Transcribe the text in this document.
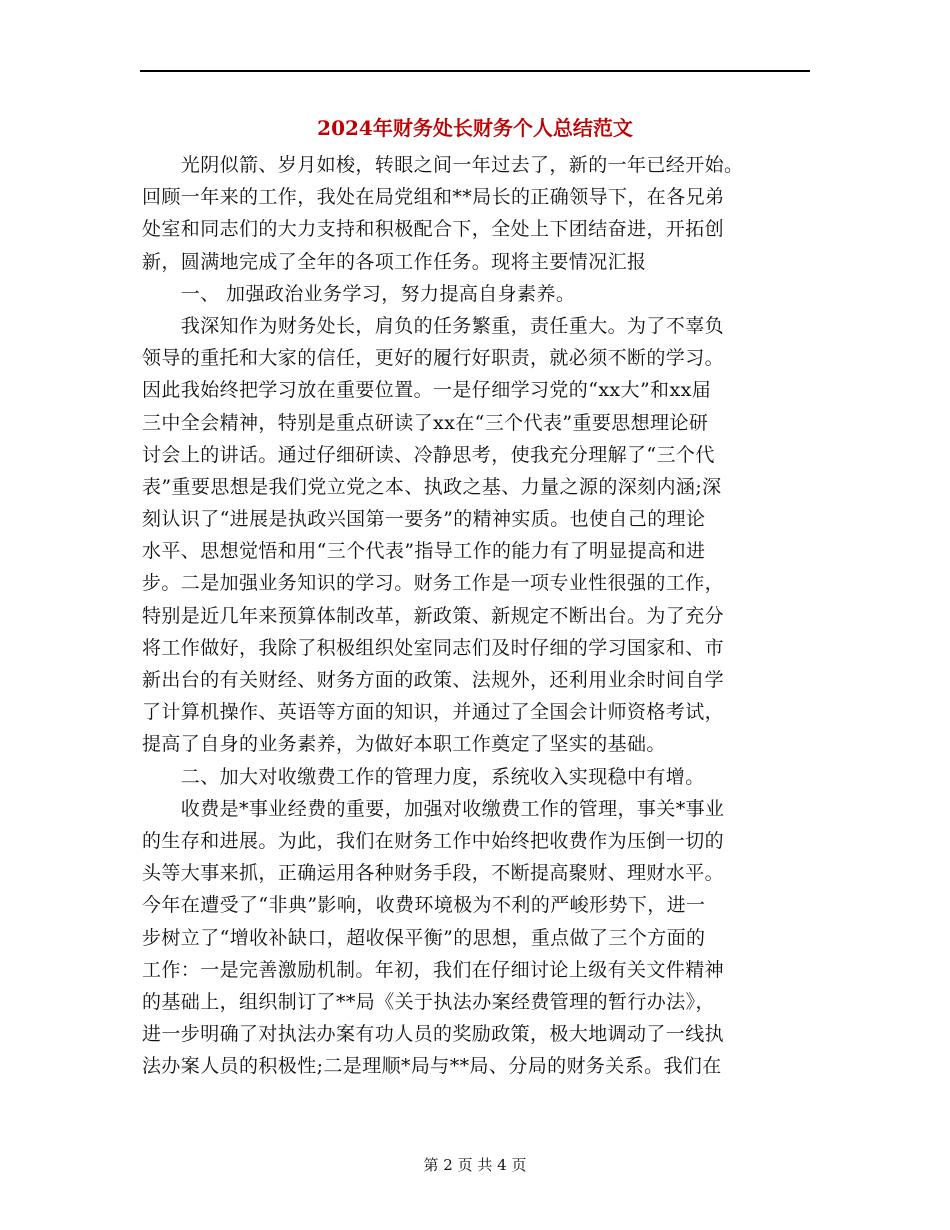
2024年财务处长财务个人总结范文

　　光阴似箭、岁月如梭，转眼之间一年过去了，新的一年已经开始。

回顾一年来的工作，我处在局党组和**局长的正确领导下，在各兄弟

处室和同志们的大力支持和积极配合下，全处上下团结奋进，开拓创

新，圆满地完成了全年的各项工作任务。现将主要情况汇报

　　一、 加强政治业务学习，努力提高自身素养。

　　我深知作为财务处长，肩负的任务繁重，责任重大。为了不辜负

领导的重托和大家的信任，更好的履行好职责，就必须不断的学习。

因此我始终把学习放在重要位置。一是仔细学习党的“xx大”和xx届

三中全会精神，特别是重点研读了xx在“三个代表”重要思想理论研

讨会上的讲话。通过仔细研读、冷静思考，使我充分理解了“三个代

表”重要思想是我们党立党之本、执政之基、力量之源的深刻内涵;深

刻认识了“进展是执政兴国第一要务”的精神实质。也使自己的理论

水平、思想觉悟和用“三个代表”指导工作的能力有了明显提高和进

步。二是加强业务知识的学习。财务工作是一项专业性很强的工作，

特别是近几年来预算体制改革，新政策、新规定不断出台。为了充分

将工作做好，我除了积极组织处室同志们及时仔细的学习国家和、市

新出台的有关财经、财务方面的政策、法规外，还利用业余时间自学

了计算机操作、英语等方面的知识，并通过了全国会计师资格考试，

提高了自身的业务素养，为做好本职工作奠定了坚实的基础。

　　二、加大对收缴费工作的管理力度，系统收入实现稳中有增。

　　收费是*事业经费的重要，加强对收缴费工作的管理，事关*事业

的生存和进展。为此，我们在财务工作中始终把收费作为压倒一切的

头等大事来抓，正确运用各种财务手段，不断提高聚财、理财水平。

今年在遭受了“非典”影响，收费环境极为不利的严峻形势下，进一

步树立了“增收补缺口，超收保平衡”的思想，重点做了三个方面的

工作：一是完善激励机制。年初，我们在仔细讨论上级有关文件精神

的基础上，组织制订了**局《关于执法办案经费管理的暂行办法》，

进一步明确了对执法办案有功人员的奖励政策，极大地调动了一线执

法办案人员的积极性;二是理顺*局与**局、分局的财务关系。我们在

第 2 页 共 4 页
